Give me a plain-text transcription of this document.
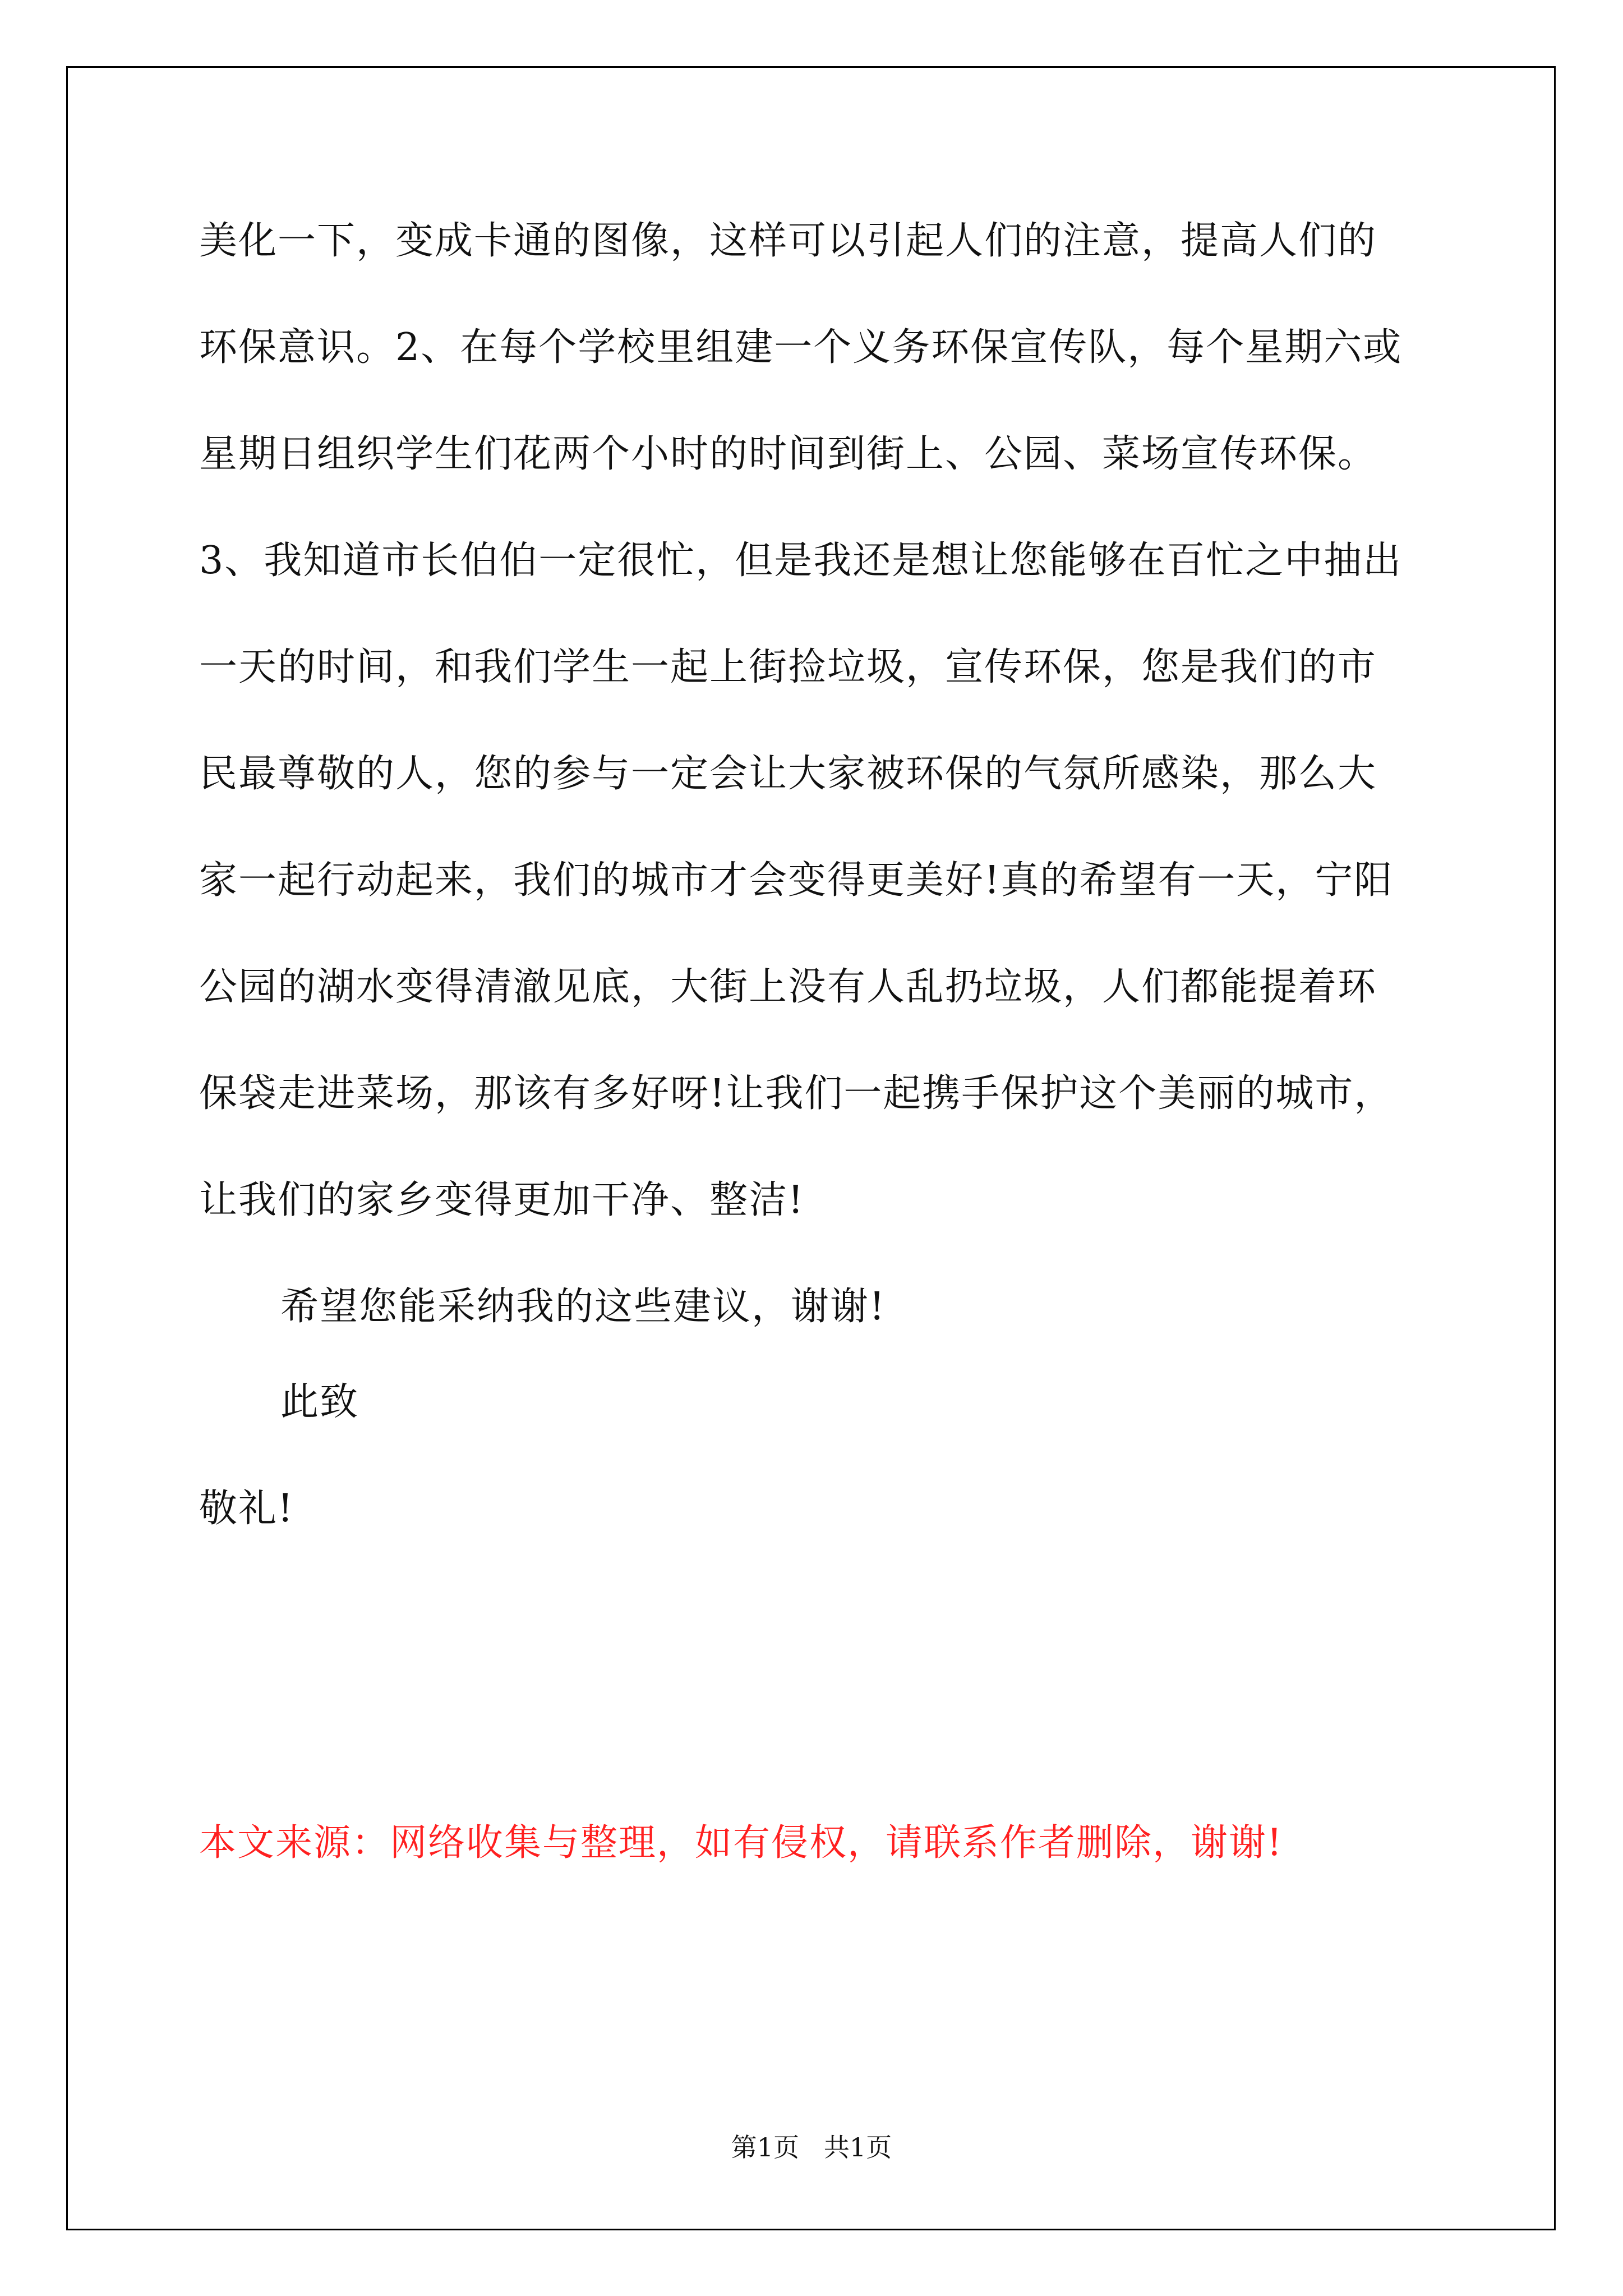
美化一下，变成卡通的图像，这样可以引起人们的注意，提高人们的
环保意识。2、在每个学校里组建一个义务环保宣传队，每个星期六或
星期日组织学生们花两个小时的时间到街上、公园、菜场宣传环保。
3、我知道市长伯伯一定很忙，但是我还是想让您能够在百忙之中抽出
一天的时间，和我们学生一起上街捡垃圾，宣传环保，您是我们的市
民最尊敬的人，您的参与一定会让大家被环保的气氛所感染，那么大
家一起行动起来，我们的城市才会变得更美好!真的希望有一天，宁阳
公园的湖水变得清澈见底，大街上没有人乱扔垃圾，人们都能提着环
保袋走进菜场，那该有多好呀!让我们一起携手保护这个美丽的城市，
让我们的家乡变得更加干净、整洁!
希望您能采纳我的这些建议，谢谢!
此致
敬礼!
本文来源：网络收集与整理，如有侵权，请联系作者删除，谢谢!
第1页   共1页
